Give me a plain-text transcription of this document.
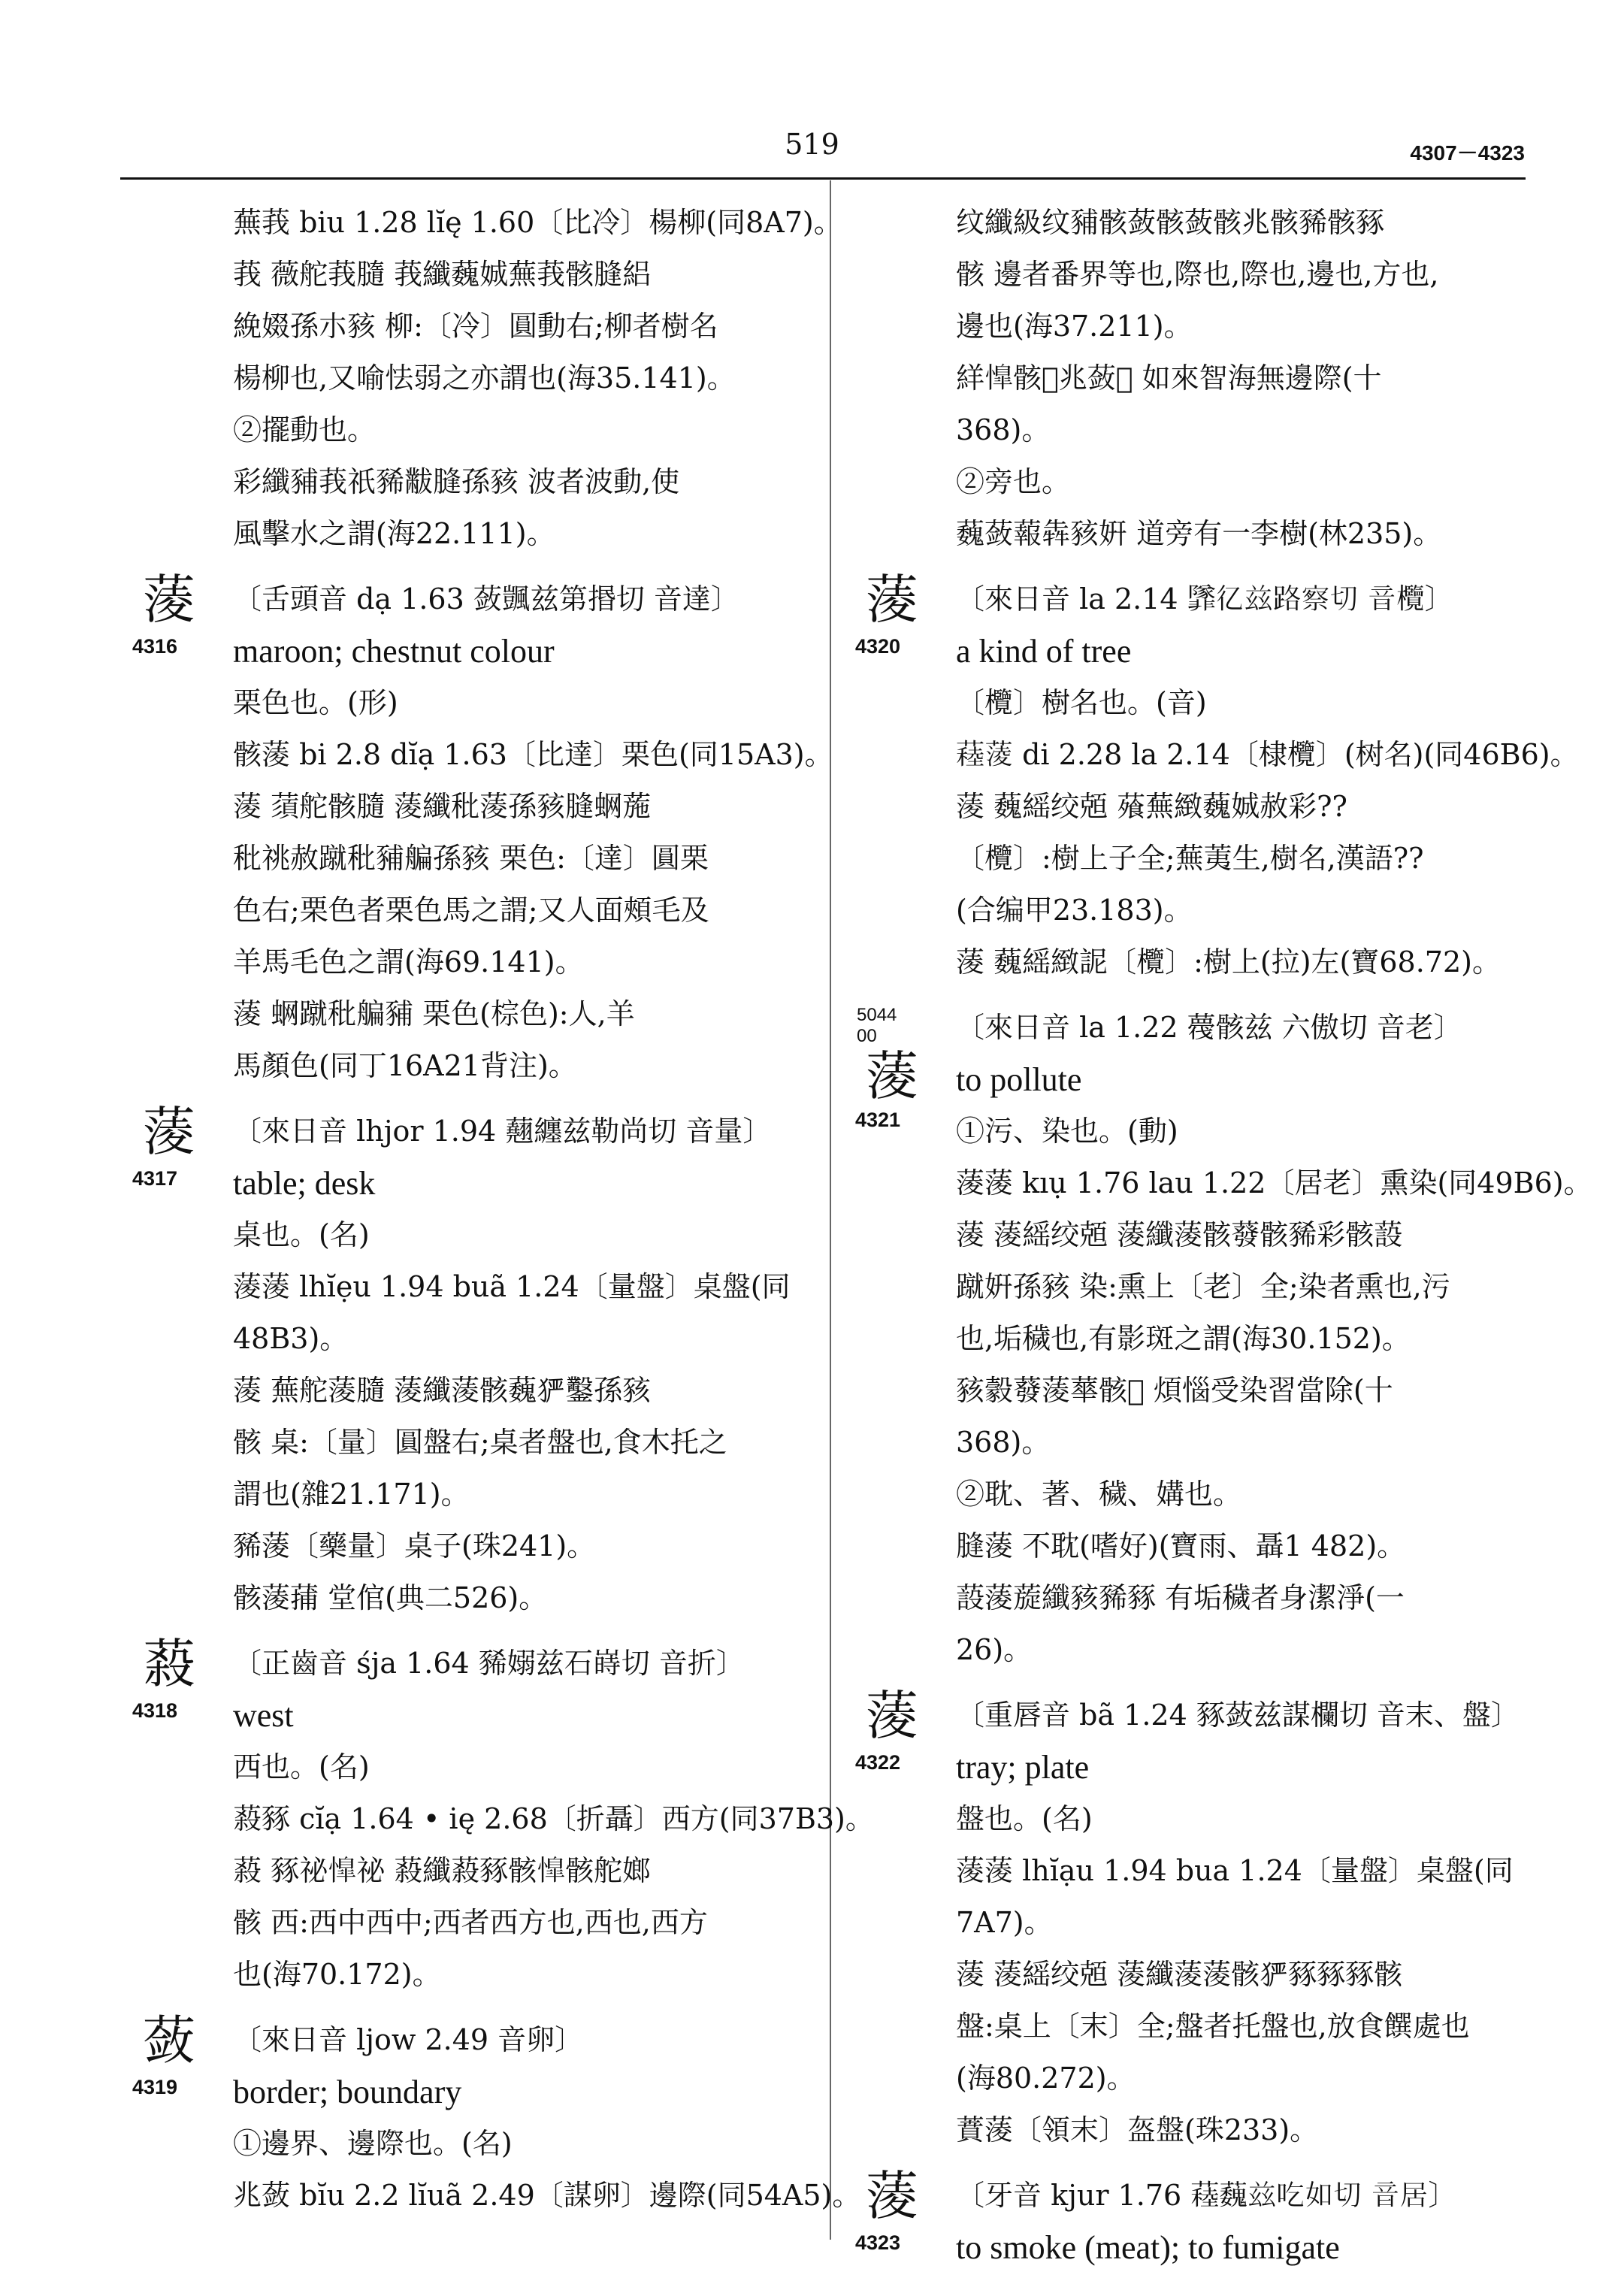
519	4307－4323
蕪莪 biu 1.28 lĭę 1.60〔比冷〕楊柳(同8A7)。
莪 薇舵莪膸 莪纖蘶娍蕪莪骸膖絽
絻娺孫朩豥 柳:〔冷〕圓動右;柳者樹名
楊柳也,又喻怯弱之亦謂也(海35.141)。
②擺動也。
彩纖豧莪祇豨黻膖孫豥 波者波動,使
風擊水之謂(海22.111)。
蔆
4316
〔舌頭音 dạ 1.63 蔹颽兹第㨉切 音達〕
maroon; chestnut colour
栗色也。(形)
骸蔆 bi 2.8 dĭạ 1.63〔比達〕栗色(同15A3)。
蔆 蕦舵骸膸 蔆纖秕蔆孫豥膖蛧葹
秕祧赦蹴秕豧艑孫豥 栗色:〔達〕圓栗
色右;栗色者栗色馬之謂;又人面頰毛及
羊馬毛色之謂(海69.141)。
蔆 蛧蹴秕艑豧 栗色(棕色):人,羊
馬顏色(同丁16A21背注)。
蔆
4317
〔來日音 lhjor 1.94 𧄍纏兹勒尚切 音量〕
table; desk
桌也。(名)
蔆蔆 lhĭẹu 1.94 buã 1.24〔量盤〕桌盤(同
48B3)。
蔆 蕪舵蔆膸 蔆纖蔆骸蘶𤞤鑿孫豥
骸 桌:〔量〕圓盤右;桌者盤也,食木托之
謂也(雜21.171)。
豨蔆〔藥量〕桌子(珠241)。
骸蔆蒱 堂倌(典二526)。
蔱
4318
〔正齒音 śja 1.64 豨嫋兹石嵵切 音折〕
west
西也。(名)
蔱豩 cĭạ 1.64 • ię 2.68〔折聶〕西方(同37B3)。
蔱 豩祕𢡋祕 蔱纖蔱豩骸𢡋骸舵嫏
骸 西:西中西中;西者西方也,西也,西方
也(海70.172)。
蔹
4319
〔來日音 ljow 2.49 音卵〕
border; boundary
①邊界、邊際也。(名)
兆蔹 bĭu 2.2 lĭuã 2.49〔謀卵〕邊際(同54A5)。
纹纖級纹豧骸蔹骸蔹骸兆骸豨骸豩
骸 邊者番界等也,際也,際也,邊也,方也,
邊也(海37.211)。
絴𢡋骸𦁥兆蔹𦂂 如來智海無邊際(十
368)。
②旁也。
蘶蔹蕔犇豥姸 道旁有一李樹(林235)。
蔆
4320
〔來日音 la 2.14 𩈁𢒼兹路察切 音欖〕
a kind of tree
〔欖〕樹名也。(音)
𦽂蔆 di 2.28 la 2.14〔棣欖〕(树名)(同46B6)。
蔆 蘶䌊绞兡 蕵蕪緻蘶娍赦彩??
〔欖〕:樹上子全;蕪荑生,樹名,漢語??
(合编甲23.183)。
蔆 蘶䌊緻䛏〔欖〕:樹上(拉)左(寶68.72)。
5044
00
蔆
4321
〔來日音 la 1.22 薎骸兹 六傲切 音老〕
to pollute
①污、染也。(動)
蔆蔆 kıụ 1.76 lau 1.22〔居老〕熏染(同49B6)。
蔆 蔆䌊绞兡 蔆纖蔆骸蕟骸豨彩骸蔎
蹴姸孫豥 染:熏上〔老〕全;染者熏也,污
也,垢穢也,有影斑之謂(海30.152)。
豥豰蕟蔆蕐骸𦁹 煩惱受染習當除(十
368)。
②耽、著、穢、媾也。
膖蔆 不耽(嗜好)(寶雨、聶1 482)。
蔎蔆蔙纖豥豨豩 有垢穢者身潔淨(一
26)。
蔆
4322
〔重唇音 bã 1.24 豩蔹兹謀欄切 音末、盤〕
tray; plate
盤也。(名)
蔆蔆 lhĭạu 1.94 bua 1.24〔量盤〕桌盤(同
7A7)。
蔆 蔆䌊绞兡 蔆纖蔆蔆骸𤞤豩豩豩骸
盤:桌上〔末〕全;盤者托盤也,放食饌處也
(海80.272)。
蕡蔆〔領末〕盔盤(珠233)。
蔆
4323
〔牙音 kjur 1.76 𦽂蘶兹吃如切 音居〕
to smoke (meat); to fumigate
